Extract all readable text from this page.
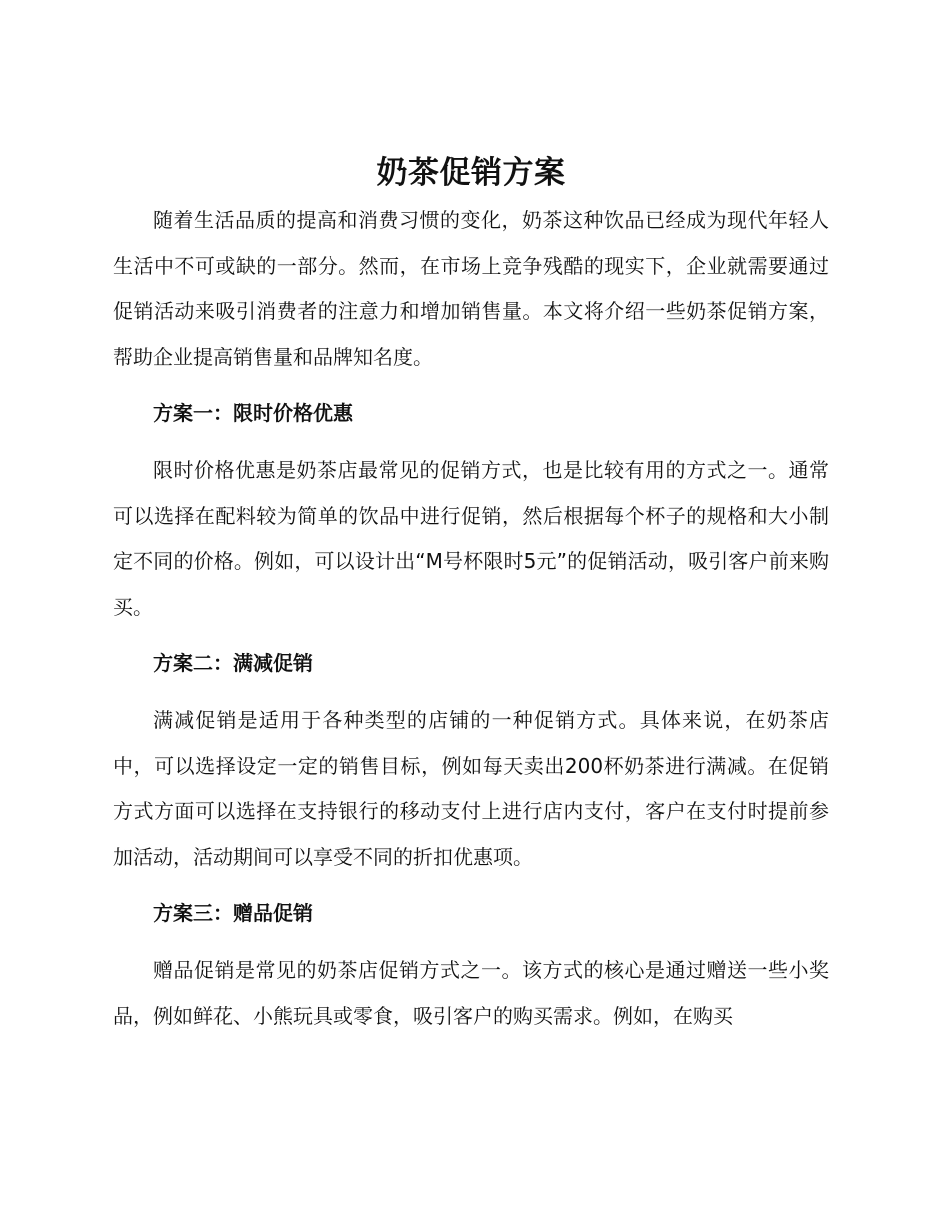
奶茶促销方案

随着生活品质的提高和消费习惯的变化，奶茶这种饮品已经成为现代年轻人生活中不可或缺的一部分。然而，在市场上竞争残酷的现实下，企业就需要通过促销活动来吸引消费者的注意力和增加销售量。本文将介绍一些奶茶促销方案，帮助企业提高销售量和品牌知名度。

方案一：限时价格优惠

限时价格优惠是奶茶店最常见的促销方式，也是比较有用的方式之一。通常可以选择在配料较为简单的饮品中进行促销，然后根据每个杯子的规格和大小制定不同的价格。例如，可以设计出“M号杯限时5元”的促销活动，吸引客户前来购买。

方案二：满减促销

满减促销是适用于各种类型的店铺的一种促销方式。具体来说，在奶茶店中，可以选择设定一定的销售目标，例如每天卖出200杯奶茶进行满减。在促销方式方面可以选择在支持银行的移动支付上进行店内支付，客户在支付时提前参加活动，活动期间可以享受不同的折扣优惠项。

方案三：赠品促销

赠品促销是常见的奶茶店促销方式之一。该方式的核心是通过赠送一些小奖品，例如鲜花、小熊玩具或零食，吸引客户的购买需求。例如，在购买
